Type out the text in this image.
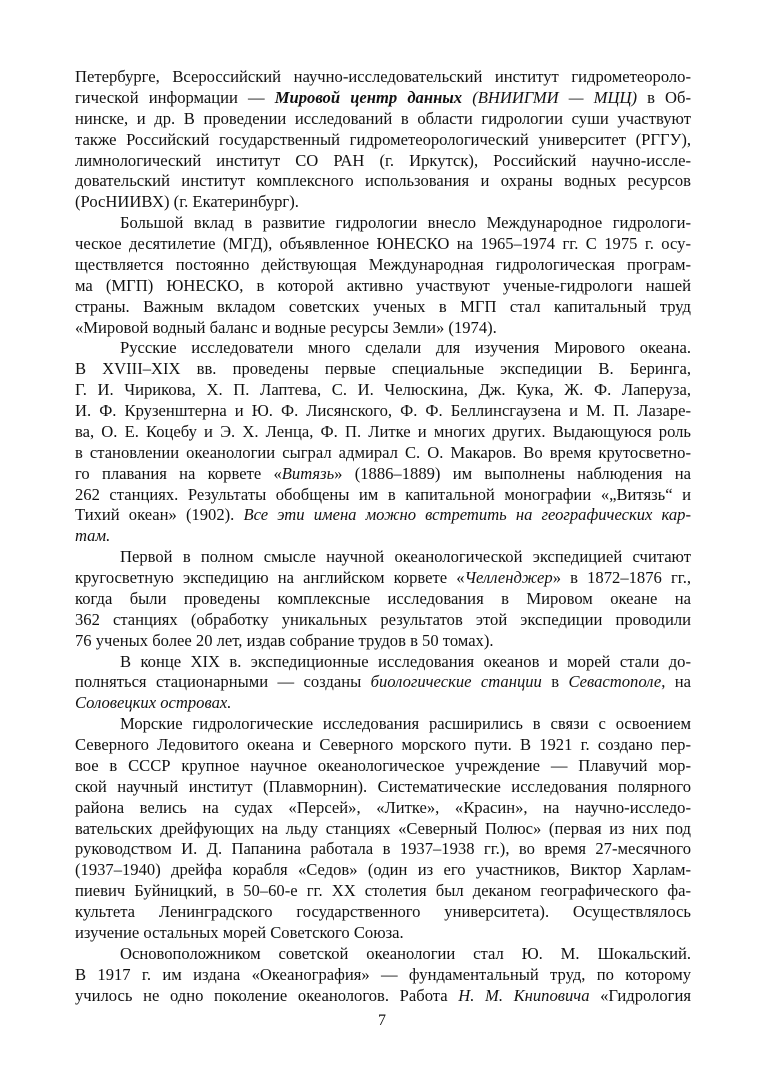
Петербурге, Всероссийский научно-исследовательский институт гидрометеороло-
гической информации — Мировой центр данных (ВНИИГМИ — МЦЦ) в Об-
нинске, и др. В проведении исследований в области гидрологии суши участвуют
также Российский государственный гидрометеорологический университет (РГГУ),
лимнологический институт СО РАН (г. Иркутск), Российский научно-иссле-
довательский институт комплексного использования и охраны водных ресурсов
(РосНИИВХ) (г. Екатеринбург).
Большой вклад в развитие гидрологии внесло Международное гидрологи-
ческое десятилетие (МГД), объявленное ЮНЕСКО на 1965–1974 гг. С 1975 г. осу-
ществляется постоянно действующая Международная гидрологическая програм-
ма (МГП) ЮНЕСКО, в которой активно участвуют ученые-гидрологи нашей
страны. Важным вкладом советских ученых в МГП стал капитальный труд
«Мировой водный баланс и водные ресурсы Земли» (1974).
Русские исследователи много сделали для изучения Мирового океана.
В XVIII–XIX вв. проведены первые специальные экспедиции В. Беринга,
Г. И. Чирикова, Х. П. Лаптева, С. И. Челюскина, Дж. Кука, Ж. Ф. Лаперуза,
И. Ф. Крузенштерна и Ю. Ф. Лисянского, Ф. Ф. Беллинсгаузена и М. П. Лазаре-
ва, О. Е. Коцебу и Э. Х. Ленца, Ф. П. Литке и многих других. Выдающуюся роль
в становлении океанологии сыграл адмирал С. О. Макаров. Во время крутосветно-
го плавания на корвете «Витязь» (1886–1889) им выполнены наблюдения на
262 станциях. Результаты обобщены им в капитальной монографии «„Витязь“ и
Тихий океан» (1902). Все эти имена можно встретить на географических кар-
там.
Первой в полном смысле научной океанологической экспедицией считают
кругосветную экспедицию на английском корвете «Челленджер» в 1872–1876 гг.,
когда были проведены комплексные исследования в Мировом океане на
362 станциях (обработку уникальных результатов этой экспедиции проводили
76 ученых более 20 лет, издав собрание трудов в 50 томах).
В конце XIX в. экспедиционные исследования океанов и морей стали до-
полняться стационарными — созданы биологические станции в Севастополе, на
Соловецких островах.
Морские гидрологические исследования расширились в связи с освоением
Северного Ледовитого океана и Северного морского пути. В 1921 г. создано пер-
вое в СССР крупное научное океанологическое учреждение — Плавучий мор-
ской научный институт (Плавморнин). Систематические исследования полярного
района велись на судах «Персей», «Литке», «Красин», на научно-исследо-
вательских дрейфующих на льду станциях «Северный Полюс» (первая из них под
руководством И. Д. Папанина работала в 1937–1938 гг.), во время 27-месячного
(1937–1940) дрейфа корабля «Седов» (один из его участников, Виктор Харлам-
пиевич Буйницкий, в 50–60-е гг. XX столетия был деканом географического фа-
культета Ленинградского государственного университета). Осуществлялось
изучение остальных морей Советского Союза.
Основоположником советской океанологии стал Ю. М. Шокальский.
В 1917 г. им издана «Океанография» — фундаментальный труд, по которому
училось не одно поколение океанологов. Работа Н. М. Книповича «Гидрология
7
